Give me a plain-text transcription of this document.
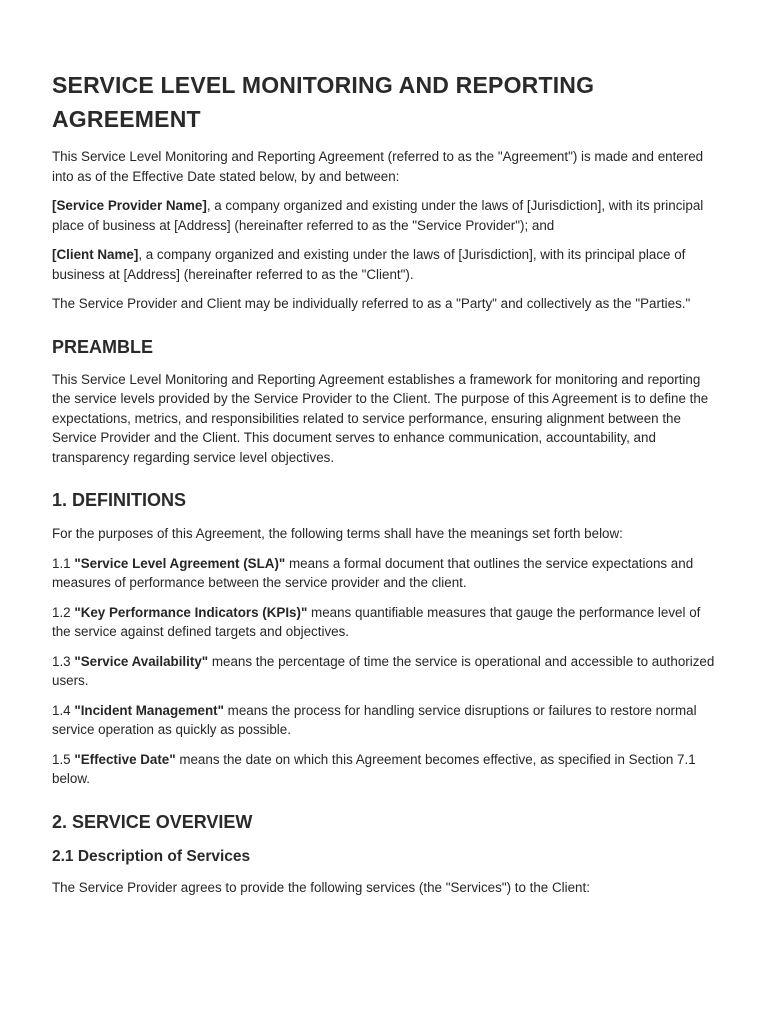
SERVICE LEVEL MONITORING AND REPORTING AGREEMENT

This Service Level Monitoring and Reporting Agreement (referred to as the "Agreement") is made and entered into as of the Effective Date stated below, by and between:

[Service Provider Name], a company organized and existing under the laws of [Jurisdiction], with its principal place of business at [Address] (hereinafter referred to as the "Service Provider"); and

[Client Name], a company organized and existing under the laws of [Jurisdiction], with its principal place of business at [Address] (hereinafter referred to as the "Client").

The Service Provider and Client may be individually referred to as a "Party" and collectively as the "Parties."

PREAMBLE

This Service Level Monitoring and Reporting Agreement establishes a framework for monitoring and reporting the service levels provided by the Service Provider to the Client. The purpose of this Agreement is to define the expectations, metrics, and responsibilities related to service performance, ensuring alignment between the Service Provider and the Client. This document serves to enhance communication, accountability, and transparency regarding service level objectives.

1. DEFINITIONS

For the purposes of this Agreement, the following terms shall have the meanings set forth below:

1.1 "Service Level Agreement (SLA)" means a formal document that outlines the service expectations and measures of performance between the service provider and the client.

1.2 "Key Performance Indicators (KPIs)" means quantifiable measures that gauge the performance level of the service against defined targets and objectives.

1.3 "Service Availability" means the percentage of time the service is operational and accessible to authorized users.

1.4 "Incident Management" means the process for handling service disruptions or failures to restore normal service operation as quickly as possible.

1.5 "Effective Date" means the date on which this Agreement becomes effective, as specified in Section 7.1 below.

2. SERVICE OVERVIEW
2.1 Description of Services

The Service Provider agrees to provide the following services (the "Services") to the Client:
